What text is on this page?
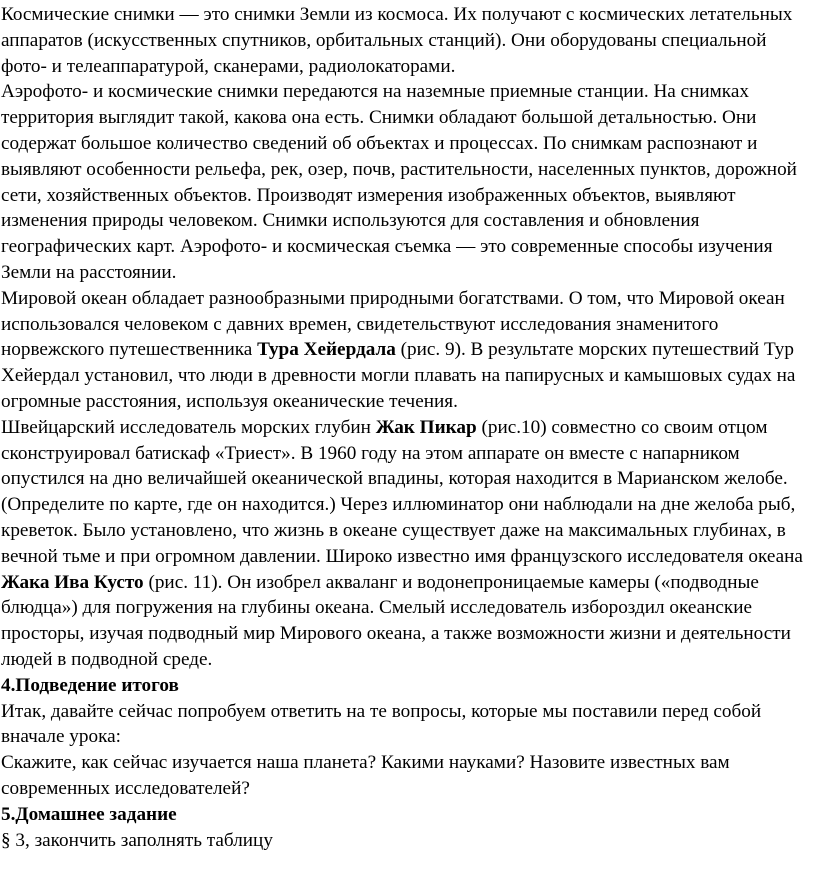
Космические снимки — это снимки Земли из космоса. Их получают с космических летательных аппаратов (искусственных спутников, орбитальных станций). Они оборудованы специальной фото- и телеаппаратурой, сканерами, радиолокаторами.

Аэрофото- и космические снимки передаются на наземные приемные станции. На снимках территория выглядит такой, какова она есть. Снимки обладают большой детальностью. Они содержат большое количество сведений об объектах и процессах. По снимкам распознают и выявляют особенности рельефа, рек, озер, почв, растительности, населенных пунктов, дорожной сети, хозяйственных объектов. Производят измерения изображенных объектов, выявляют изменения природы человеком. Снимки используются для составления и обновления географических карт. Аэрофото- и космическая съемка — это современные способы изучения Земли на расстоянии.

Мировой океан обладает разнообразными природными богатствами. О том, что Мировой океан использовался человеком с давних времен, свидетельствуют исследования знаменитого норвежского путешественника Тура Хейердала (рис. 9). В результате морских путешествий Тур Хейердал установил, что люди в древности могли плавать на папирусных и камышовых судах на огромные расстояния, используя океанические течения.

Швейцарский исследователь морских глубин Жак Пикар (рис.10) совместно со своим отцом сконструировал батискаф «Триест». В 1960 году на этом аппарате он вместе с напарником опустился на дно величайшей океанической впадины, которая находится в Марианском желобе. (Определите по карте, где он находится.) Через иллюминатор они наблюдали на дне желоба рыб, креветок. Было установлено, что жизнь в океане существует даже на максимальных глубинах, в вечной тьме и при огромном давлении. Широко известно имя французского исследователя океана Жака Ива Кусто (рис. 11). Он изобрел акваланг и водонепроницаемые камеры («подводные блюдца») для погружения на глубины океана. Смелый исследователь избороздил океанские просторы, изучая подводный мир Мирового океана, а также возможности жизни и деятельности людей в подводной среде.

4.Подведение итогов

Итак, давайте сейчас попробуем ответить на те вопросы, которые мы поставили перед собой вначале урока:

Скажите, как сейчас изучается наша планета? Какими науками? Назовите известных вам современных исследователей?

5.Домашнее задание

§ 3, закончить заполнять таблицу
